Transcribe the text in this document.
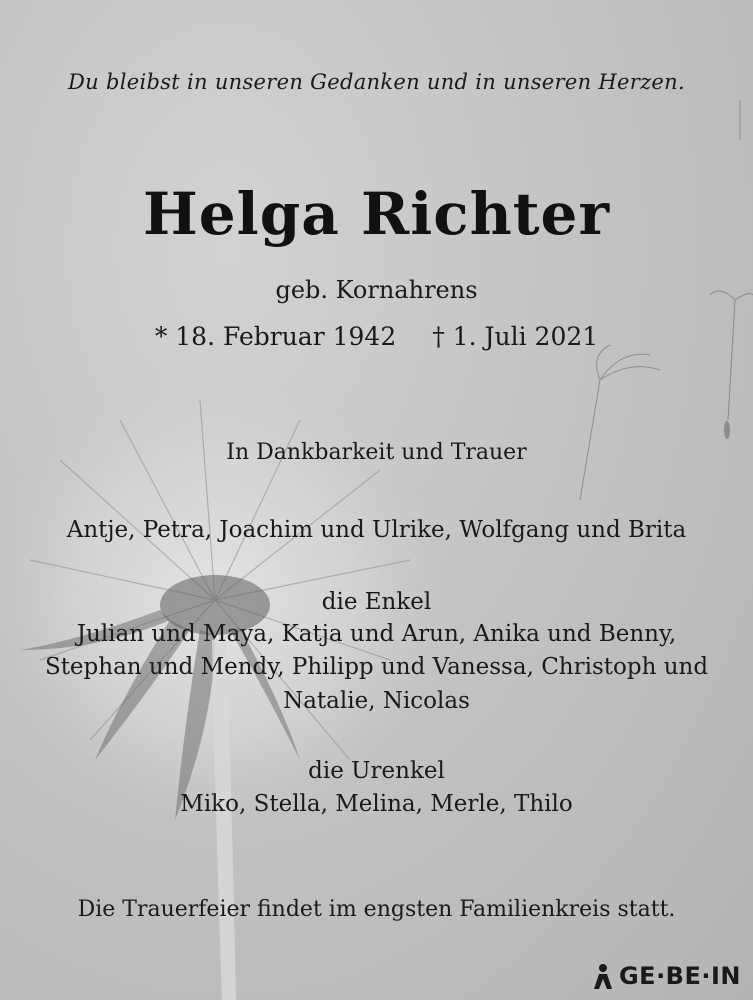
Du bleibst in unseren Gedanken und in unseren Herzen.
Helga Richter
geb. Kornahrens
* 18. Februar 1942 † 1. Juli 2021
In Dankbarkeit und Trauer
Antje, Petra, Joachim und Ulrike, Wolfgang und Brita
die Enkel
Julian und Maya, Katja und Arun, Anika und Benny,
Stephan und Mendy, Philipp und Vanessa, Christoph und
Natalie, Nicolas
die Urenkel
Miko, Stella, Melina, Merle, Thilo
Die Trauerfeier findet im engsten Familienkreis statt.
GE·BE·IN
